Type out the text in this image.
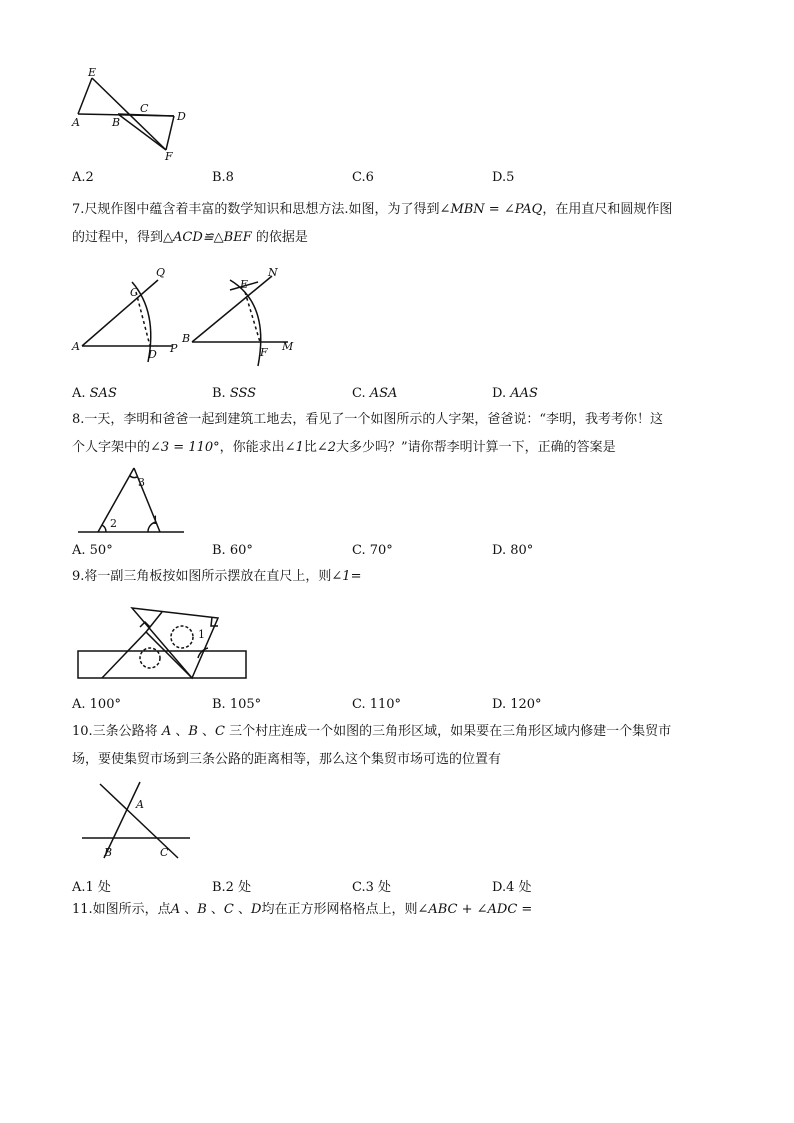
E
A	B
C
D
F
A.2	B.8	C.6	D.5

7.尺规作图中蕴含着丰富的数学知识和思想方法.如图，为了得到∠MBN = ∠PAQ，在用直尺和圆规作图

的过程中，得到△ACD≌△BEF 的依据是

Q
C
A
D P
N
E
B
F M
A. SAS	B. SSS	C. ASA	D. AAS

8.一天，李明和爸爸一起到建筑工地去，看见了一个如图所示的人字架，爸爸说：“李明，我考考你！这

个人字架中的∠3 = 110°，你能求出∠1比∠2大多少吗？”请你帮李明计算一下，正确的答案是

3
2	1
A. 50°	B. 60°	C. 70°	D. 80°

9.将一副三角板按如图所示摆放在直尺上，则∠1=

1
A. 100°	B. 105°	C. 110°	D. 120°

10.三条公路将 A 、B 、C 三个村庄连成一个如图的三角形区域，如果要在三角形区域内修建一个集贸市

场，要使集贸市场到三条公路的距离相等，那么这个集贸市场可选的位置有

A
B	C
A.1 处	B.2 处	C.3 处	D.4 处

11.如图所示，点A 、B 、C 、D均在正方形网格格点上，则∠ABC + ∠ADC =
